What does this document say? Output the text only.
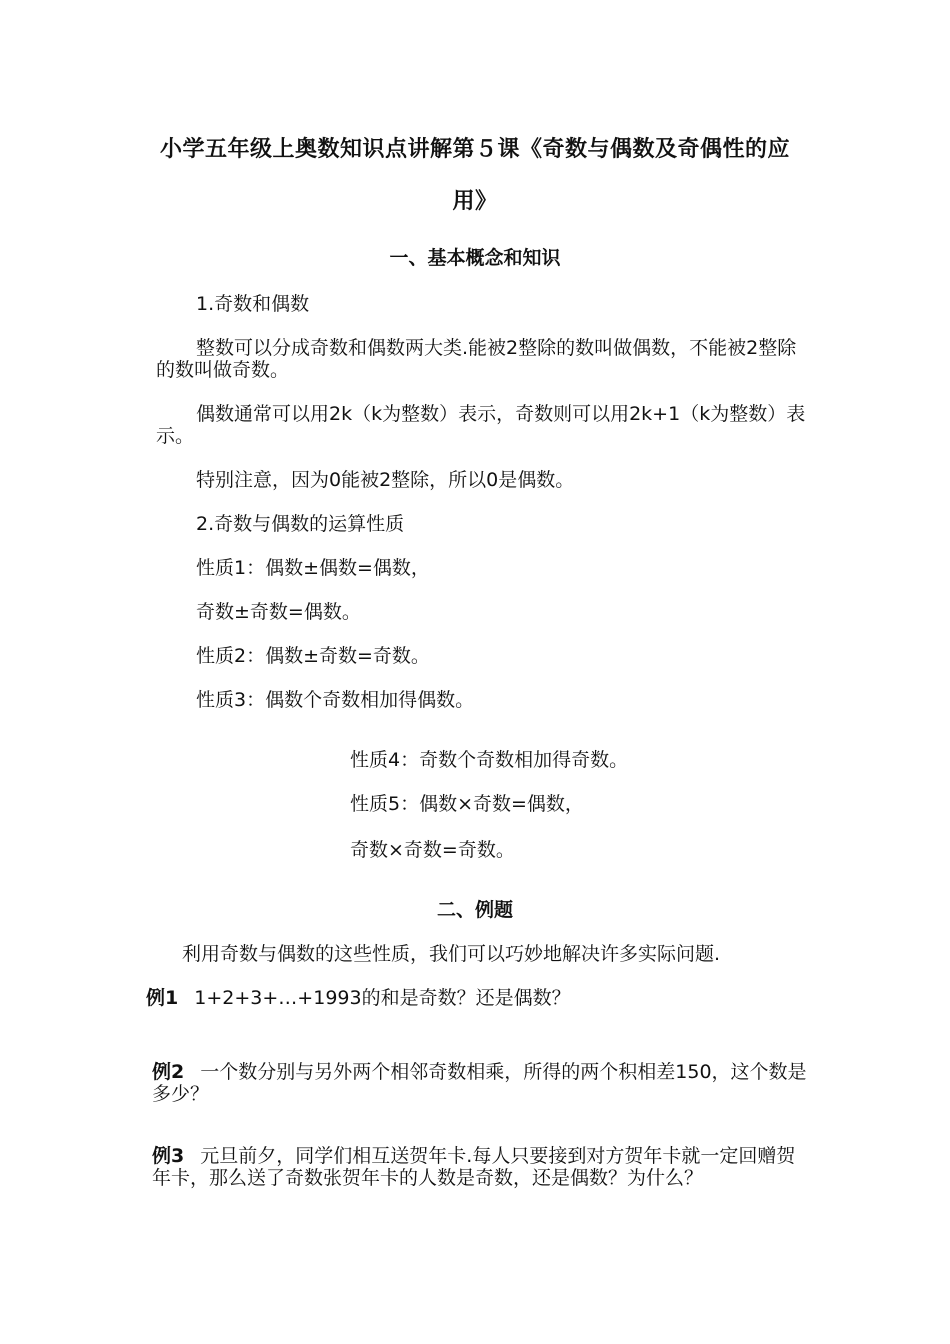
小学五年级上奥数知识点讲解第５课《奇数与偶数及奇偶性的应
用》
一、基本概念和知识
1.奇数和偶数
整数可以分成奇数和偶数两大类.能被2整除的数叫做偶数，不能被2整除
的数叫做奇数。
偶数通常可以用2k（k为整数）表示，奇数则可以用2k+1（k为整数）表
示。
特别注意，因为0能被2整除，所以0是偶数。
2.奇数与偶数的运算性质
性质1：偶数±偶数=偶数，
奇数±奇数=偶数。
性质2：偶数±奇数=奇数。
性质3：偶数个奇数相加得偶数。
性质4：奇数个奇数相加得奇数。
性质5：偶数×奇数=偶数，
奇数×奇数=奇数。
二、例题
利用奇数与偶数的这些性质，我们可以巧妙地解决许多实际问题.
例1 1+2+3+…+1993的和是奇数？还是偶数？
例2 一个数分别与另外两个相邻奇数相乘，所得的两个积相差150，这个数是
多少？
例3 元旦前夕，同学们相互送贺年卡.每人只要接到对方贺年卡就一定回赠贺
年卡，那么送了奇数张贺年卡的人数是奇数，还是偶数？为什么？
